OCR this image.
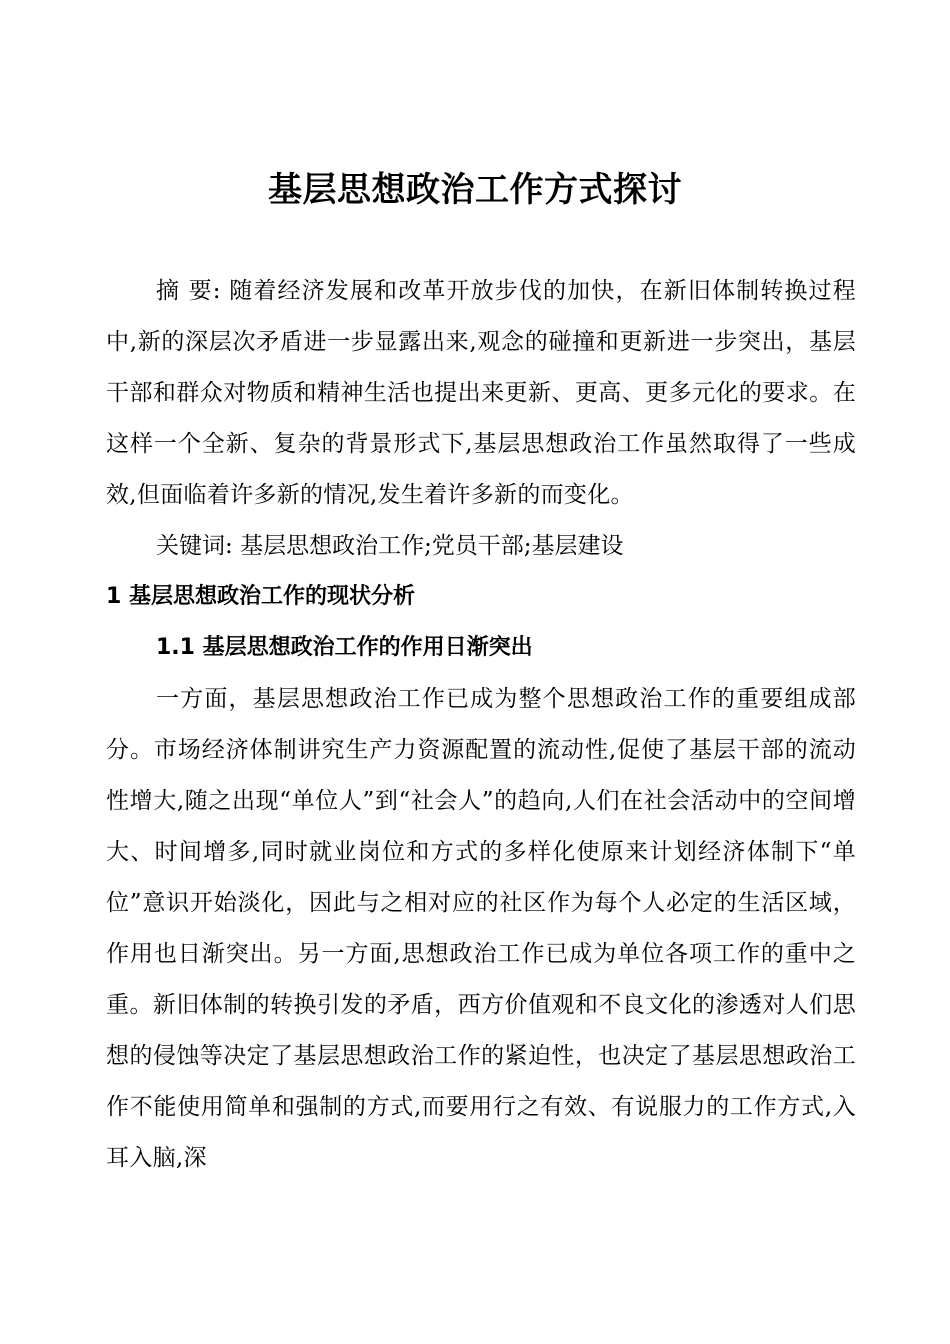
基层思想政治工作方式探讨

摘 要: 随着经济发展和改革开放步伐的加快，在新旧体制转换过程中,新的深层次矛盾进一步显露出来,观念的碰撞和更新进一步突出，基层干部和群众对物质和精神生活也提出来更新、更高、更多元化的要求。在这样一个全新、复杂的背景形式下,基层思想政治工作虽然取得了一些成效,但面临着许多新的情况,发生着许多新的而变化。

关键词: 基层思想政治工作;党员干部;基层建设

1 基层思想政治工作的现状分析

1.1 基层思想政治工作的作用日渐突出

一方面，基层思想政治工作已成为整个思想政治工作的重要组成部分。市场经济体制讲究生产力资源配置的流动性,促使了基层干部的流动性增大,随之出现“单位人”到“社会人”的趋向,人们在社会活动中的空间增大、时间增多,同时就业岗位和方式的多样化使原来计划经济体制下“单位”意识开始淡化，因此与之相对应的社区作为每个人必定的生活区域，作用也日渐突出。另一方面,思想政治工作已成为单位各项工作的重中之重。新旧体制的转换引发的矛盾，西方价值观和不良文化的渗透对人们思想的侵蚀等决定了基层思想政治工作的紧迫性，也决定了基层思想政治工作不能使用简单和强制的方式,而要用行之有效、有说服力的工作方式,入耳入脑,深
